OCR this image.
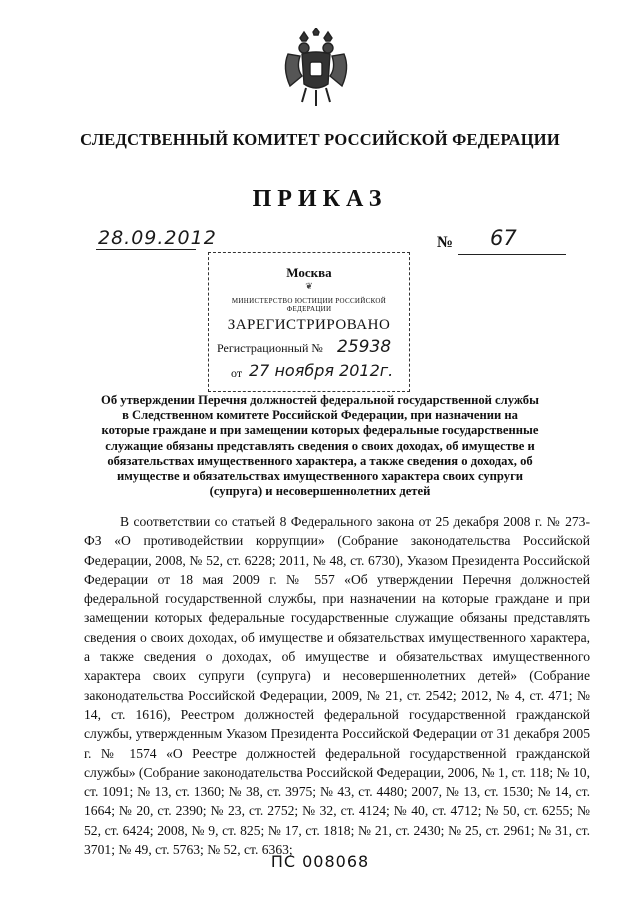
СЛЕДСТВЕННЫЙ КОМИТЕТ РОССИЙСКОЙ ФЕДЕРАЦИИ
ПРИКАЗ
28.09.2012	№ 67
Москва
❦
МИНИСТЕРСТВО ЮСТИЦИИ РОССИЙСКОЙ ФЕДЕРАЦИИ
ЗАРЕГИСТРИРОВАНО
Регистрационный № 25938
от 27 ноября 2012г.
Об утверждении Перечня должностей федеральной государственной службы в Следственном комитете Российской Федерации, при назначении на которые граждане и при замещении которых федеральные государственные служащие обязаны представлять сведения о своих доходах, об имуществе и обязательствах имущественного характера, а также сведения о доходах, об имуществе и обязательствах имущественного характера своих супруги (супруга) и несовершеннолетних детей

В соответствии со статьей 8 Федерального закона от 25 декабря 2008 г. № 273-ФЗ «О противодействии коррупции» (Собрание законодательства Российской Федерации, 2008, № 52, ст. 6228; 2011, № 48, ст. 6730), Указом Президента Российской Федерации от 18 мая 2009 г. № 557 «Об утверждении Перечня должностей федеральной государственной службы, при назначении на которые граждане и при замещении которых федеральные государственные служащие обязаны представлять сведения о своих доходах, об имуществе и обязательствах имущественного характера, а также сведения о доходах, об имуществе и обязательствах имущественного характера своих супруги (супруга) и несовершеннолетних детей» (Собрание законодательства Российской Федерации, 2009, № 21, ст. 2542; 2012, № 4, ст. 471; № 14, ст. 1616), Реестром должностей федеральной государственной гражданской службы, утвержденным Указом Президента Российской Федерации от 31 декабря 2005 г. № 1574 «О Реестре должностей федеральной государственной гражданской службы» (Собрание законодательства Российской Федерации, 2006, № 1, ст. 118; № 10, ст. 1091; № 13, ст. 1360; № 38, ст. 3975; № 43, ст. 4480; 2007, № 13, ст. 1530; № 14, ст. 1664; № 20, ст. 2390; № 23, ст. 2752; № 32, ст. 4124; № 40, ст. 4712; № 50, ст. 6255; № 52, ст. 6424; 2008, № 9, ст. 825; № 17, ст. 1818; № 21, ст. 2430; № 25, ст. 2961; № 31, ст. 3701; № 49, ст. 5763; № 52, ст. 6363;

ПС 008068
